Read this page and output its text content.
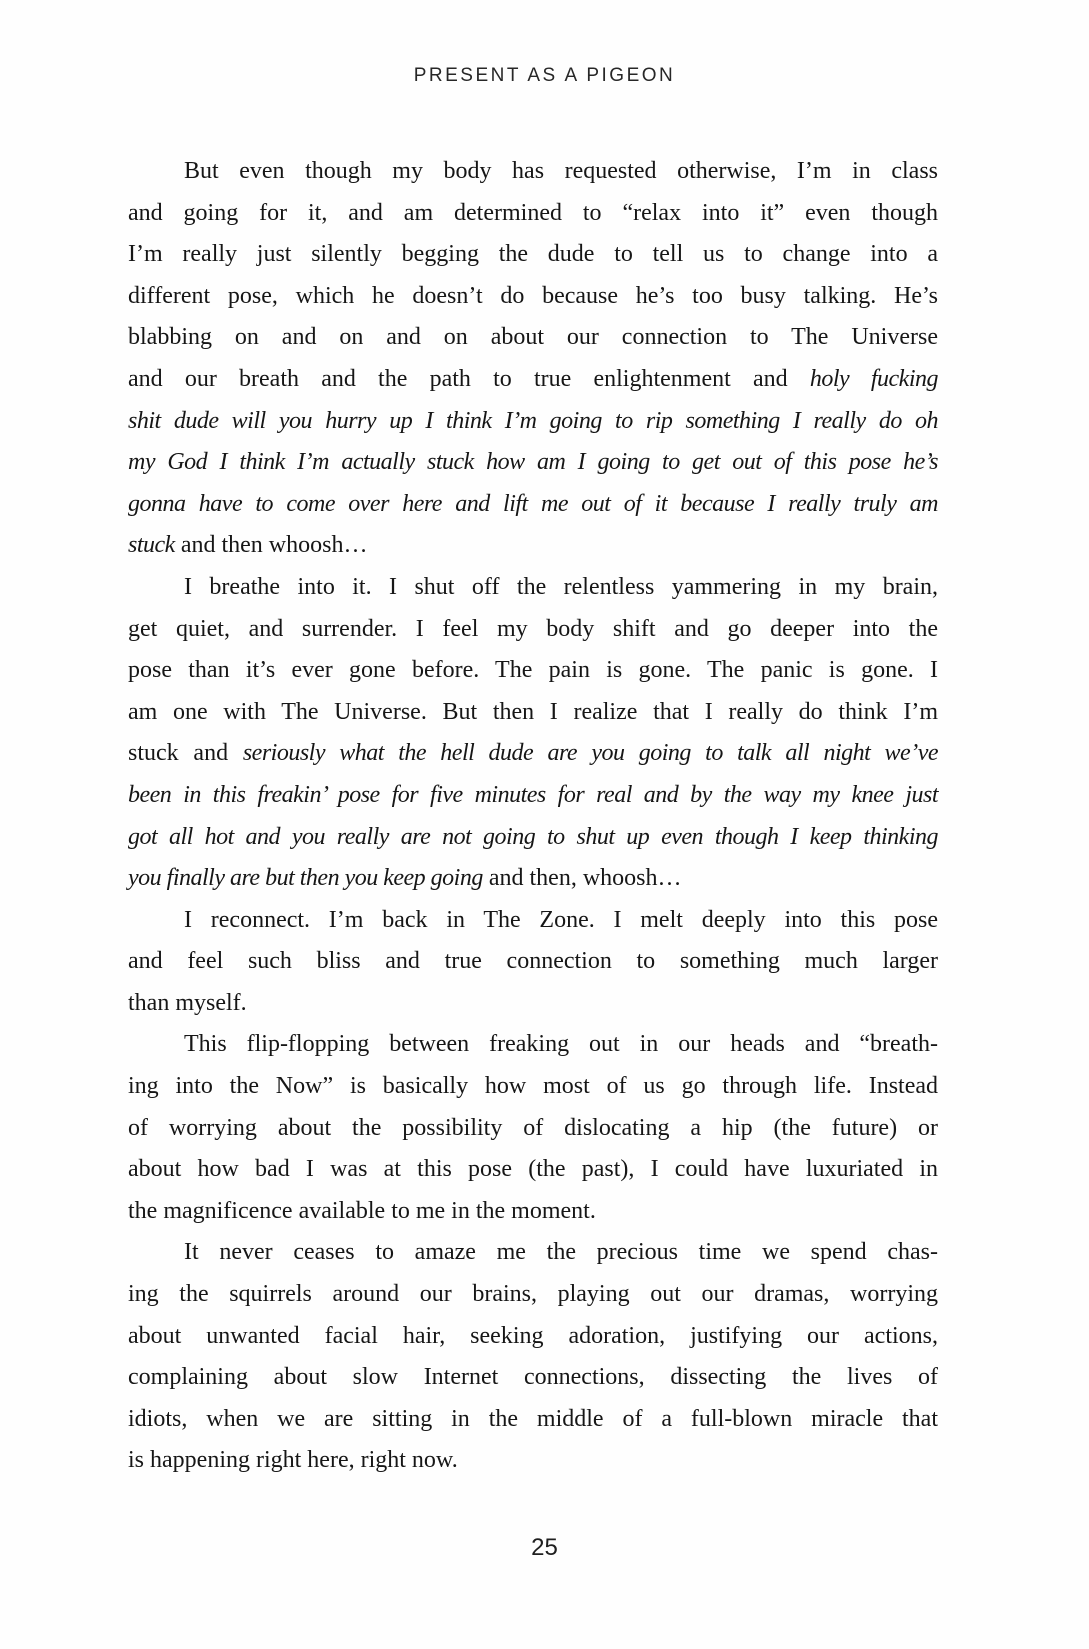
PRESENT AS A PIGEON
But even though my body has requested otherwise, I’m in class
and going for it, and am determined to “relax into it” even though
I’m really just silently begging the dude to tell us to change into a
different pose, which he doesn’t do because he’s too busy talking. He’s
blabbing on and on and on about our connection to The Universe
and our breath and the path to true enlightenment and holy fucking
shit dude will you hurry up I think I’m going to rip something I really do oh
my God I think I’m actually stuck how am I going to get out of this pose he’s
gonna have to come over here and lift me out of it because I really truly am
stuck and then whoosh…
I breathe into it. I shut off the relentless yammering in my brain,
get quiet, and surrender. I feel my body shift and go deeper into the
pose than it’s ever gone before. The pain is gone. The panic is gone. I
am one with The Universe. But then I realize that I really do think I’m
stuck and seriously what the hell dude are you going to talk all night we’ve
been in this freakin’ pose for five minutes for real and by the way my knee just
got all hot and you really are not going to shut up even though I keep thinking
you finally are but then you keep going and then, whoosh…
I reconnect. I’m back in The Zone. I melt deeply into this pose
and feel such bliss and true connection to something much larger
than myself.
This flip-flopping between freaking out in our heads and “breath-
ing into the Now” is basically how most of us go through life. Instead
of worrying about the possibility of dislocating a hip (the future) or
about how bad I was at this pose (the past), I could have luxuriated in
the magnificence available to me in the moment.
It never ceases to amaze me the precious time we spend chas-
ing the squirrels around our brains, playing out our dramas, worrying
about unwanted facial hair, seeking adoration, justifying our actions,
complaining about slow Internet connections, dissecting the lives of
idiots, when we are sitting in the middle of a full-blown miracle that
is happening right here, right now.
25
